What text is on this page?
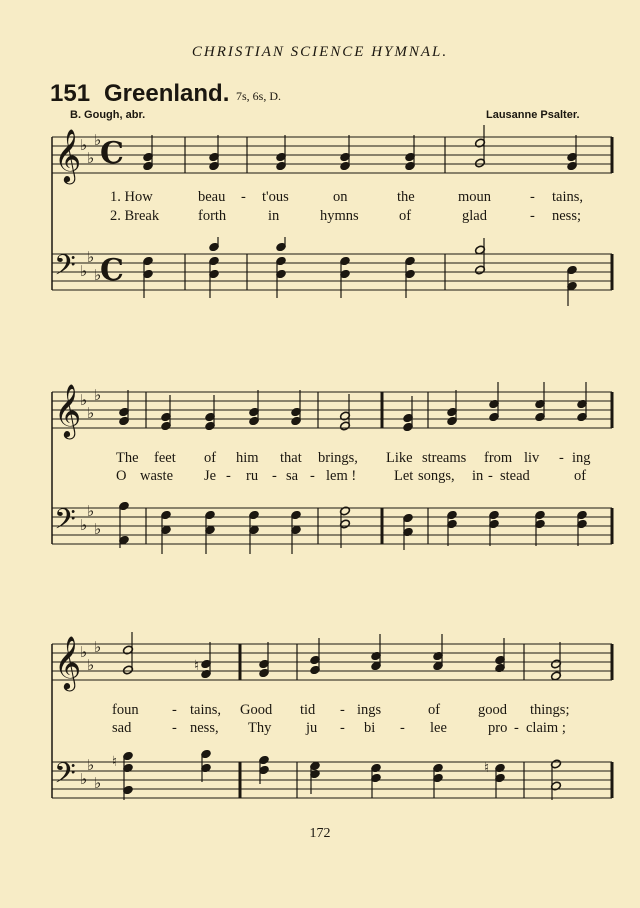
CHRISTIAN SCIENCE HYMNAL.
151 Greenland. 7s, 6s, D.
B. Gough, abr.	Lausanne Psalter.
𝄞
♭
♭
♭
C
𝄢 ♭
♭
♭
C
𝄞
♭
♭
♭
𝄢 ♭
♭
♭
𝄞
♭
♭
♭
𝄢 ♭
♭
♭
♮
♮	♮
1. How	beau - t'ous	on	the	moun	- tains,
2. Break	forth	in	hymns	of	glad	- ness;
The feet of him that brings, Like streams from liv - ing
O waste Je - ru - sa - lem !	Let songs, in - stead	of
foun - tains, Good tid - ings	of	good things;
sad	- ness, Thy ju - bi - lee	pro - claim ;
172
